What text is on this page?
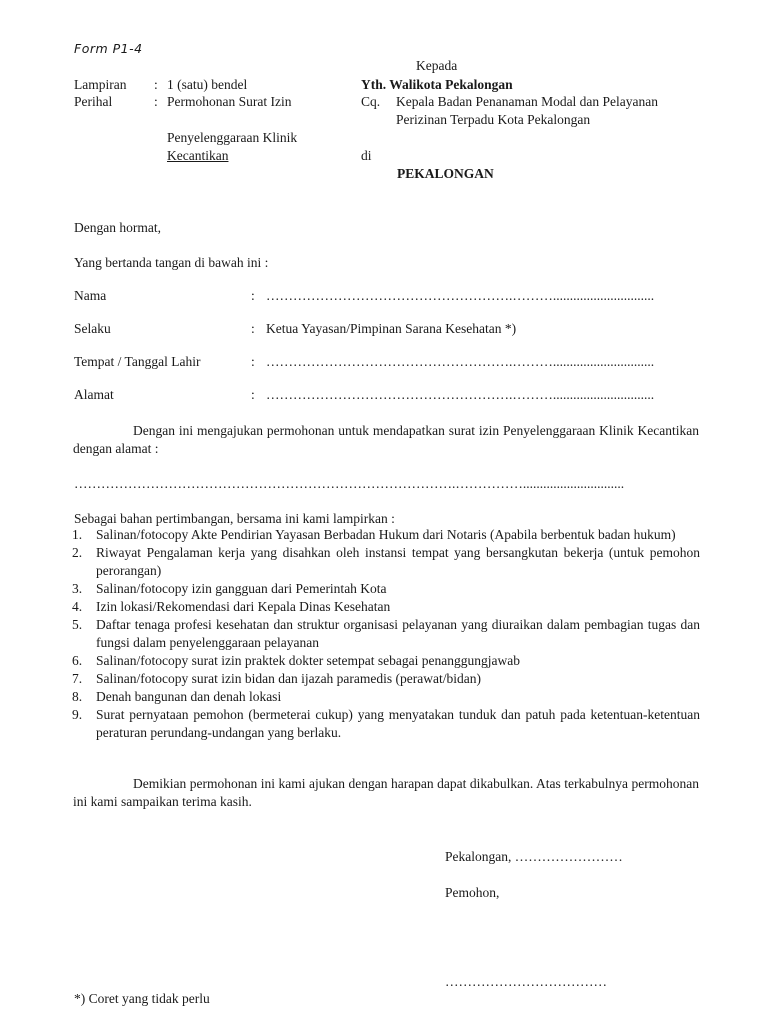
Form P1-4
Kepada
Yth. Walikota Pekalongan
Cq. Kepala Badan Penanaman Modal dan Pelayanan
Perizinan Terpadu Kota Pekalongan
di
PEKALONGAN
Lampiran : 1 (satu) bendel
Perihal	: Permohonan Surat Izin
Penyelenggaraan Klinik
Kecantikan
Dengan hormat,
Yang bertanda tangan di bawah ini :
Nama	: ……………………………………………….………..............................
Selaku	: Ketua Yayasan/Pimpinan Sarana Kesehatan *)
Tempat / Tanggal Lahir	: ……………………………………………….………..............................
Alamat	: ……………………………………………….………..............................
Dengan ini mengajukan permohonan untuk mendapatkan surat izin Penyelenggaraan Klinik Kecantikan dengan alamat :
………………………………………………………………………….……………..............................
Sebagai bahan pertimbangan, bersama ini kami lampirkan :
1. Salinan/fotocopy Akte Pendirian Yayasan Berbadan Hukum dari Notaris (Apabila berbentuk badan hukum)
2. Riwayat Pengalaman kerja yang disahkan oleh instansi tempat yang bersangkutan bekerja (untuk pemohon perorangan)
3. Salinan/fotocopy izin gangguan dari Pemerintah Kota
4. Izin lokasi/Rekomendasi dari Kepala Dinas Kesehatan
5. Daftar tenaga profesi kesehatan dan struktur organisasi pelayanan yang diuraikan dalam pembagian tugas dan fungsi dalam penyelenggaraan pelayanan
6. Salinan/fotocopy surat izin praktek dokter setempat sebagai penanggungjawab
7. Salinan/fotocopy surat izin bidan dan ijazah paramedis (perawat/bidan)
8. Denah bangunan dan denah lokasi
9. Surat pernyataan pemohon (bermeterai cukup) yang menyatakan tunduk dan patuh pada ketentuan-ketentuan peraturan perundang-undangan yang berlaku.
Demikian permohonan ini kami ajukan dengan harapan dapat dikabulkan. Atas terkabulnya permohonan ini kami sampaikan terima kasih.
Pekalongan, ……………………
Pemohon,
………………………………
*) Coret yang tidak perlu
